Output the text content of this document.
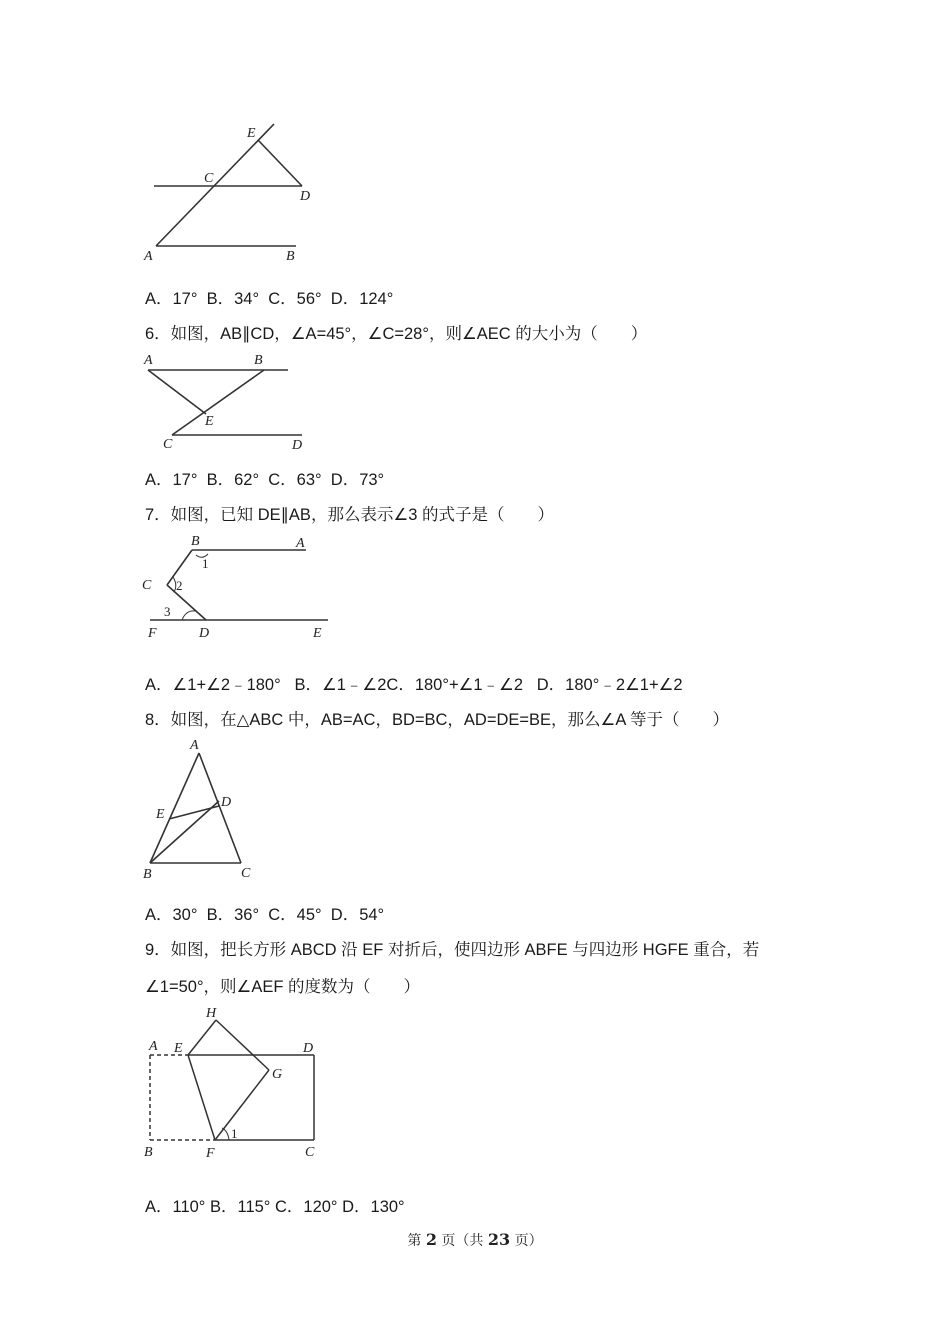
E
C
D
A	B
A．17°  B．34°  C．56°  D．124°
6．如图，AB∥CD，∠A=45°，∠C=28°，则∠AEC 的大小为（　　）
A	B
E
C	D
A．17°  B．62°  C．63°  D．73°
7．如图，已知 DE∥AB，那么表示∠3 的式子是（　　）
B	A
1
C 2
3
F	D	E
A．∠1+∠2﹣180°   B．∠1﹣∠2C．180°+∠1﹣∠2   D．180°﹣2∠1+∠2
8．如图，在△ABC 中，AB=AC，BD=BC，AD=DE=BE，那么∠A 等于（　　）
A
E
D
B	C
A．30°  B．36°  C．45°  D．54°
9．如图，把长方形 ABCD 沿 EF 对折后，使四边形 ABFE 与四边形 HGFE 重合，若
∠1=50°，则∠AEF 的度数为（　　）
H
A E	D
G
1
B	F	C
A．110° B．115° C．120° D．130°
第 2 页（共 23 页）
